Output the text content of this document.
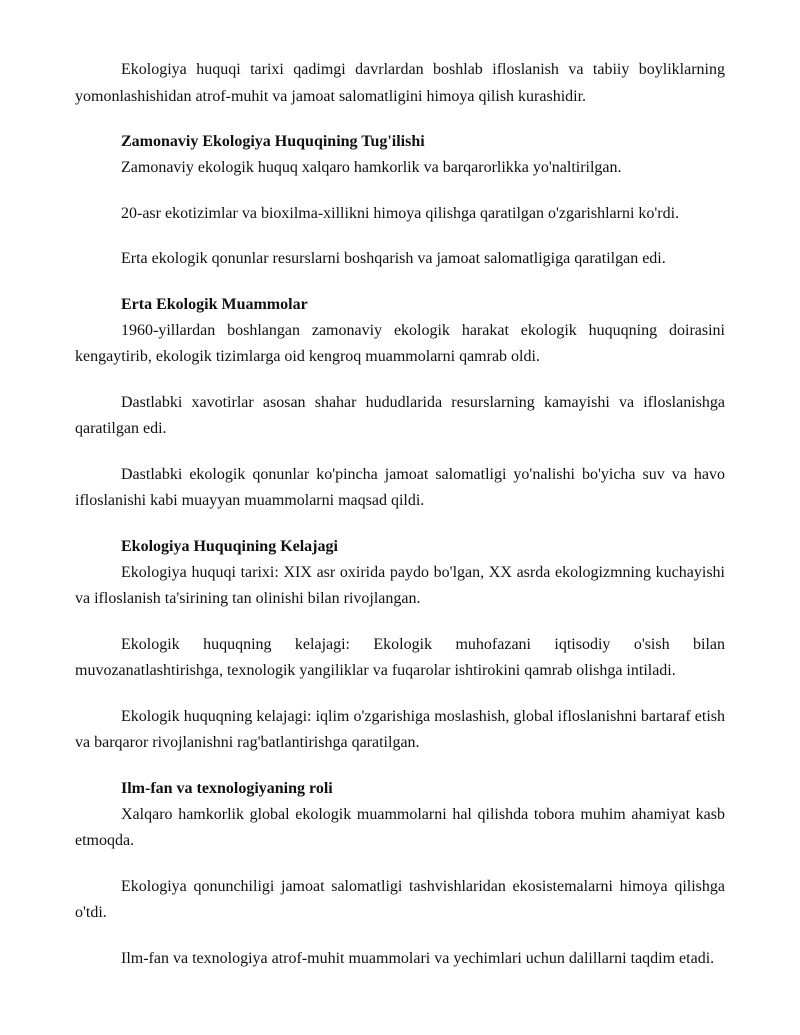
Ekologiya huquqi tarixi qadimgi davrlardan boshlab ifloslanish va tabiiy boyliklarning yomonlashishidan atrof-muhit va jamoat salomatligini himoya qilish kurashidir.

Zamonaviy Ekologiya Huquqining Tug'ilishi

Zamonaviy ekologik huquq xalqaro hamkorlik va barqarorlikka yo'naltirilgan.

20-asr ekotizimlar va bioxilma-xillikni himoya qilishga qaratilgan o'zgarishlarni ko'rdi.

Erta ekologik qonunlar resurslarni boshqarish va jamoat salomatligiga qaratilgan edi.

Erta Ekologik Muammolar

1960-yillardan boshlangan zamonaviy ekologik harakat ekologik huquqning doirasini kengaytirib, ekologik tizimlarga oid kengroq muammolarni qamrab oldi.

Dastlabki xavotirlar asosan shahar hududlarida resurslarning kamayishi va ifloslanishga qaratilgan edi.

Dastlabki ekologik qonunlar ko'pincha jamoat salomatligi yo'nalishi bo'yicha suv va havo ifloslanishi kabi muayyan muammolarni maqsad qildi.

Ekologiya Huquqining Kelajagi

Ekologiya huquqi tarixi: XIX asr oxirida paydo bo'lgan, XX asrda ekologizmning kuchayishi va ifloslanish ta'sirining tan olinishi bilan rivojlangan.

Ekologik huquqning kelajagi: Ekologik muhofazani iqtisodiy o'sish bilan muvozanatlashtirishga, texnologik yangiliklar va fuqarolar ishtirokini qamrab olishga intiladi.

Ekologik huquqning kelajagi: iqlim o'zgarishiga moslashish, global ifloslanishni bartaraf etish va barqaror rivojlanishni rag'batlantirishga qaratilgan.

Ilm-fan va texnologiyaning roli

Xalqaro hamkorlik global ekologik muammolarni hal qilishda tobora muhim ahamiyat kasb etmoqda.

Ekologiya qonunchiligi jamoat salomatligi tashvishlaridan ekosistemalarni himoya qilishga o'tdi.

Ilm-fan va texnologiya atrof-muhit muammolari va yechimlari uchun dalillarni taqdim etadi.
